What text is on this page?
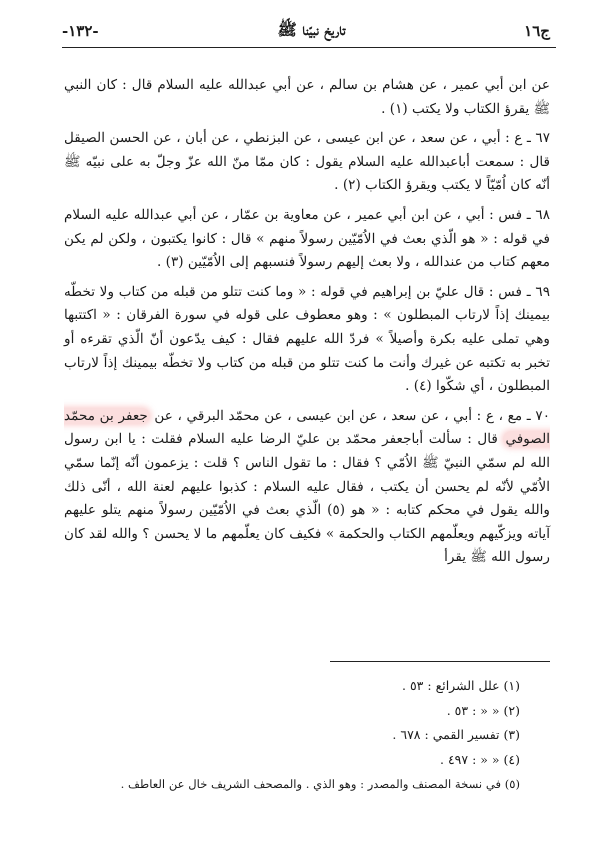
-١٣٢-	تاريخ نبيّنا ﷺ	ج١٦

عن ابن أبي عمير ، عن هشام بن سالم ، عن أبي عبدالله عليه السلام قال : كان النبي ﷺ يقرؤ الكتاب ولا يكتب (١) .

٦٧ ـ ع : أبي ، عن سعد ، عن ابن عيسى ، عن البزنطي ، عن أبان ، عن الحسن الصيقل قال : سمعت أباعبدالله عليه السلام يقول : كان ممّا منّ الله عزّ وجلّ به على نبيّه ﷺ أنّه كان اُمّيّاً لا يكتب ويقرؤ الكتاب (٢) .

٦٨ ـ فس : أبي ، عن ابن أبي عمير ، عن معاوية بن عمّار ، عن أبي عبدالله عليه السلام في قوله : « هو الّذي بعث في الاُمّيّين رسولاً منهم » قال : كانوا يكتبون ، ولكن لم يكن معهم كتاب من عندالله ، ولا بعث إليهم رسولاً فنسبهم إلى الاُمّيّين (٣) .

٦٩ ـ فس : قال عليّ بن إبراهيم في قوله : « وما كنت تتلو من قبله من كتاب ولا تخطّه بيمينك إذاً لارتاب المبطلون » : وهو معطوف على قوله في سورة الفرقان : « اكتتبها وهي تملى عليه بكرة وأصيلاً » فردّ الله عليهم فقال : كيف يدّعون أنّ الّذي تقرءه أو تخبر به تكتبه عن غيرك وأنت ما كنت تتلو من قبله من كتاب ولا تخطّه بيمينك إذاً لارتاب المبطلون ، أي شكّوا (٤) .

٧٠ ـ مع ، ع : أبي ، عن سعد ، عن ابن عيسى ، عن محمّد البرقي ، عن جعفر بن محمّد الصوفي قال : سألت أباجعفر محمّد بن عليّ الرضا عليه السلام فقلت : يا ابن رسول الله لم سمّي النبيّ ﷺ الاُمّي ؟ فقال : ما تقول الناس ؟ قلت : يزعمون أنّه إنّما سمّي الاُمّي لأنّه لم يحسن أن يكتب ، فقال عليه السلام : كذبوا عليهم لعنة الله ، أنّى ذلك والله يقول في محكم كتابه : « هو (٥) الّذي بعث في الاُمّيّين رسولاً منهم يتلو عليهم آياته ويزكّيهم ويعلّمهم الكتاب والحكمة » فكيف كان يعلّمهم ما لا يحسن ؟ والله لقد كان رسول الله ﷺ يقرأ

(١) علل الشرائع : ٥٣ .
(٢) « « : ٥٣ .
(٣) تفسير القمي : ٦٧٨ .
(٤) « « : ٤٩٧ .
(٥) في نسخة المصنف والمصدر : وهو الذي . والمصحف الشريف خال عن العاطف .
